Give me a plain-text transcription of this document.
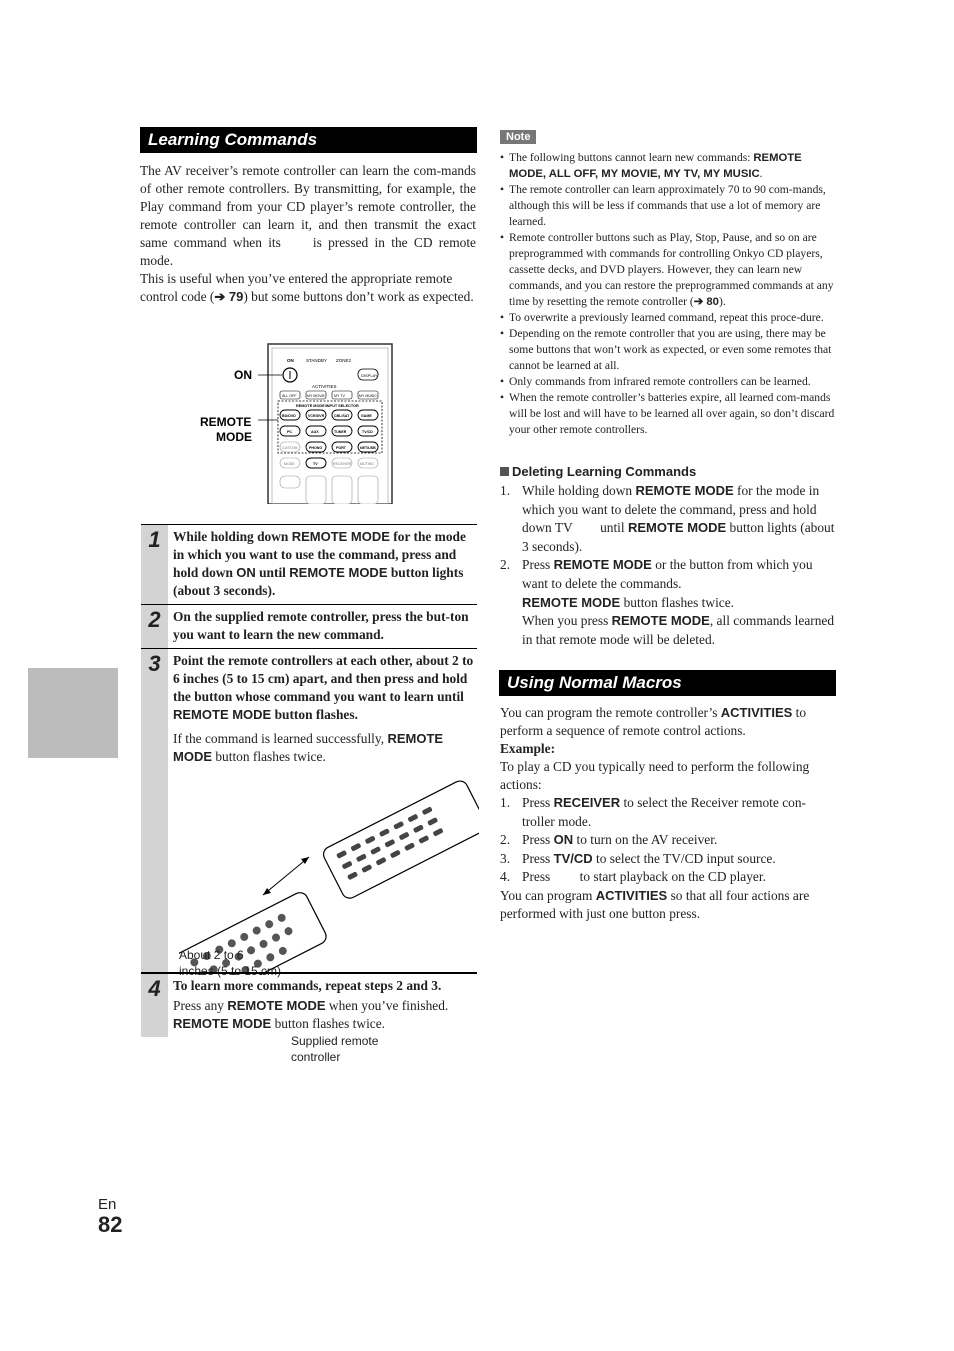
Learning Commands

The AV receiver’s remote controller can learn the com-mands of other remote controllers. By transmitting, for example, the Play command from your CD player’s remote controller, the remote controller can learn it, and then transmit the exact same command when its is pressed in the CD remote mode.

This is useful when you’ve entered the appropriate remote control code (➔ 79) but some buttons don’t work as expected.

ON	STANDBY ZONE2
DISPLAY
ACTIVITIES
ALL OFF	MY MOVIE	MY TV	MY MUSIC
REMOTE MODE/INPUT SELECTOR
BD/DVD	VCR/DVR	CBL/SAT	GAME
PC	AUX	TUNER	TV/CD
CUSTOM	PHONO	PORT	NET/USB
MODE	TV	RECEIVER MUTING
ON
REMOTE
MODE
1 While holding down REMOTE MODE for the mode in which you want to use the command, press and hold down ON until REMOTE MODE button lights (about 3 seconds).

2 On the supplied remote controller, press the but-ton you want to learn the new command.

3 Point the remote controllers at each other, about 2 to 6 inches (5 to 15 cm) apart, and then press and hold the button whose command you want to learn until REMOTE MODE button flashes.

If the command is learned successfully, REMOTE MODE button flashes twice.

About 2 to 6
inches (5 to 15 cm)
Supplied remote
controller
4 To learn more commands, repeat steps 2 and 3.

Press any REMOTE MODE when you’ve finished. REMOTE MODE button flashes twice.

Note
• The following buttons cannot learn new commands: REMOTE MODE, ALL OFF, MY MOVIE, MY TV, MY MUSIC.
• The remote controller can learn approximately 70 to 90 com-mands, although this will be less if commands that use a lot of memory are learned.
• Remote controller buttons such as Play, Stop, Pause, and so on are preprogrammed with commands for controlling Onkyo CD players, cassette decks, and DVD players. However, they can learn new commands, and you can restore the preprogrammed commands at any time by resetting the remote controller (➔ 80).
• To overwrite a previously learned command, repeat this proce-dure.
• Depending on the remote controller that you are using, there may be some buttons that won’t work as expected, or even some remotes that cannot be learned at all.
• Only commands from infrared remote controllers can be learned.
• When the remote controller’s batteries expire, all learned com-mands will be lost and will have to be learned all over again, so don’t discard your other remote controllers.
Deleting Learning Commands
1. While holding down REMOTE MODE for the mode in which you want to delete the command, press and hold down TV until REMOTE MODE button lights (about 3 seconds).
2. Press REMOTE MODE or the button from which you want to delete the commands.
REMOTE MODE button flashes twice.
When you press REMOTE MODE, all commands learned in that remote mode will be deleted.
Using Normal Macros

You can program the remote controller’s ACTIVITIES to perform a sequence of remote control actions.

Example:

To play a CD you typically need to perform the following actions:

1. Press RECEIVER to select the Receiver remote con-troller mode.
2. Press ON to turn on the AV receiver.
3. Press TV/CD to select the TV/CD input source.
4. Press to start playback on the CD player.

You can program ACTIVITIES so that all four actions are performed with just one button press.

En
82
